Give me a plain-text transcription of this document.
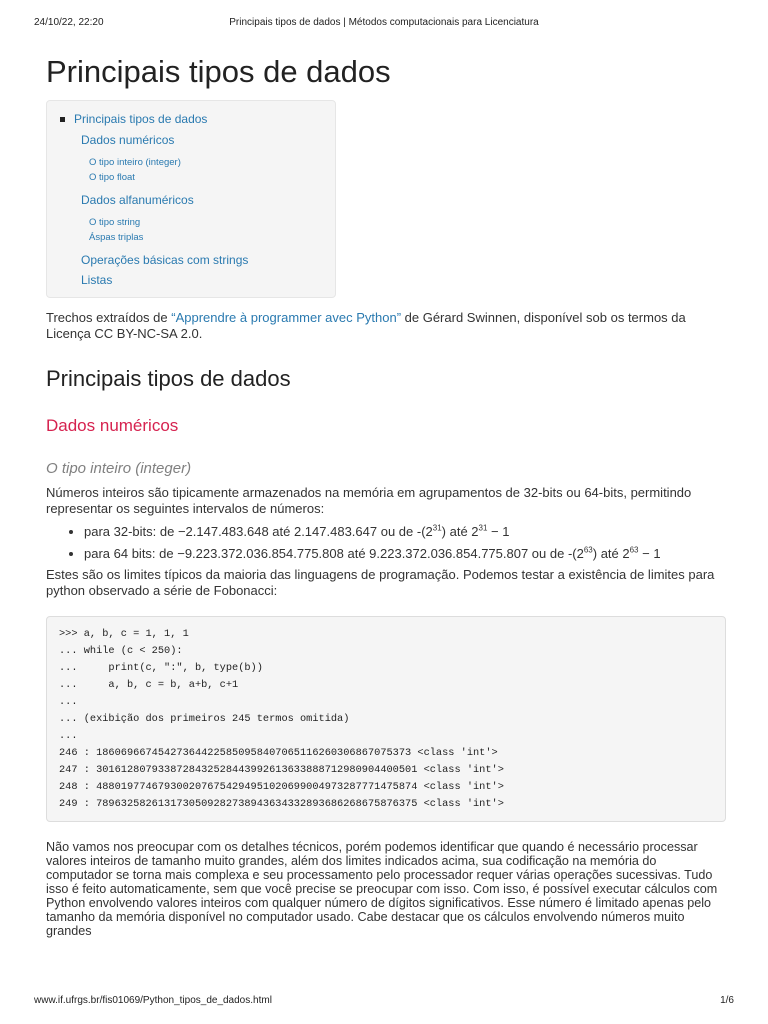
24/10/22, 22:20	Principais tipos de dados | Métodos computacionais para Licenciatura
Principais tipos de dados
Principais tipos de dados
Dados numéricos
O tipo inteiro (integer)
O tipo float
Dados alfanuméricos
O tipo string
Áspas triplas
Operações básicas com strings
Listas

Trechos extraídos de “Apprendre à programmer avec Python” de Gérard Swinnen, disponível sob os termos da Licença CC BY-NC-SA 2.0.

Principais tipos de dados
Dados numéricos
O tipo inteiro (integer)

Números inteiros são tipicamente armazenados na memória em agrupamentos de 32-bits ou 64-bits, permitindo representar os seguintes intervalos de números:

• para 32-bits: de −2.147.483.648 até 2.147.483.647 ou de $-(2^{31})$ até $2^{31} - 1$
• para 64 bits: de −9.223.372.036.854.775.808 até 9.223.372.036.854.775.807 ou de $-(2^{63})$ até $2^{63} - 1$

Estes são os limites típicos da maioria das linguagens de programação. Podemos testar a existência de limites para python observado a série de Fobonacci:

>>> a, b, c = 1, 1, 1
... while (c < 250):
...     print(c, ":", b, type(b))
...     a, b, c = b, a+b, c+1
...
... (exibição dos primeiros 245 termos omitida)
...
246 : 1860696674542736442258509584070651162603068670753​73 <class 'int'>
247 : 3016128079338728432528443992613633888712980904400501 <class 'int'>
248 : 4880197746793002076754294951020699004973287771475874 <class 'int'>
249 : 7896325826131730509282738943634332893686268675876375 <class 'int'>

Não vamos nos preocupar com os detalhes técnicos, porém podemos identificar que quando é necessário processar valores inteiros de tamanho muito grandes, além dos limites indicados acima, sua codificação na memória do computador se torna mais complexa e seu processamento pelo processador requer várias operações sucessivas. Tudo isso é feito automaticamente, sem que você precise se preocupar com isso. Com isso, é possível executar cálculos com Python envolvendo valores inteiros com qualquer número de dígitos significativos. Esse número é limitado apenas pelo tamanho da memória disponível no computador usado. Cabe destacar que os cálculos envolvendo números muito grandes

www.if.ufrgs.br/fis01069/Python_tipos_de_dados.html	1/6
